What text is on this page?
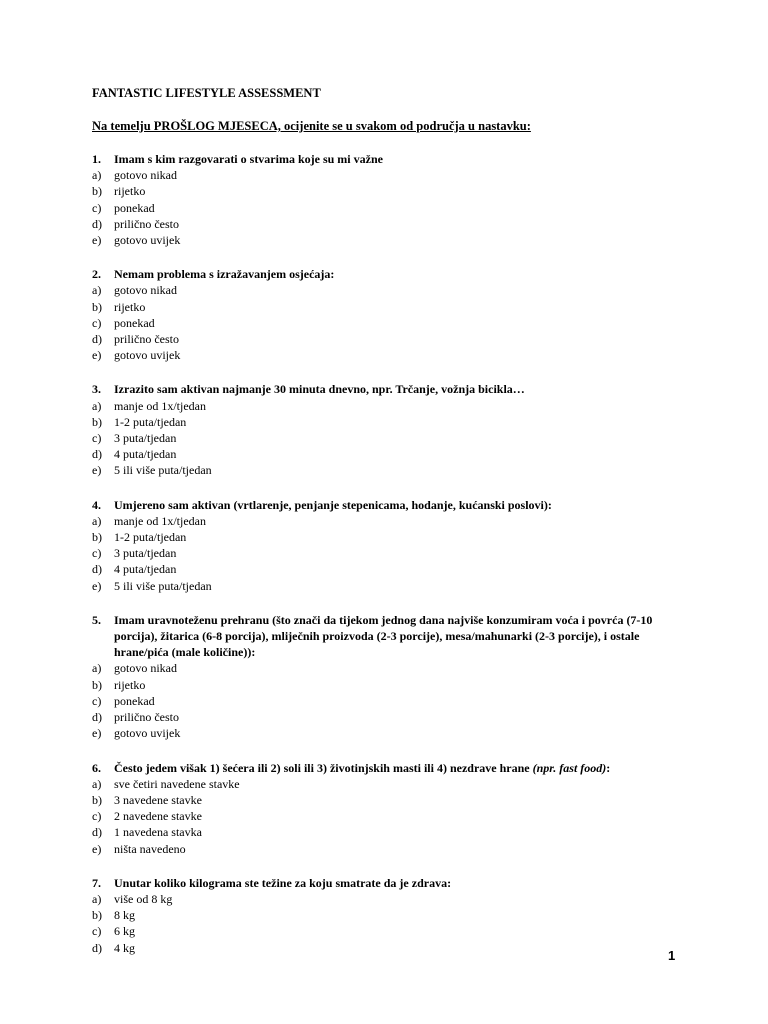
FANTASTIC LIFESTYLE ASSESSMENT
Na temelju PROŠLOG MJESECA, ocijenite se u svakom od područja u nastavku:
1.	Imam s kim razgovarati o stvarima koje su mi važne
a)	gotovo nikad
b)	rijetko
c)	ponekad
d)	prilično često
e)	gotovo uvijek
2.	Nemam problema s izražavanjem osjećaja:
a)	gotovo nikad
b)	rijetko
c)	ponekad
d)	prilično često
e)	gotovo uvijek
3.	Izrazito sam aktivan najmanje 30 minuta dnevno, npr. Trčanje, vožnja bicikla…
a)	manje od 1x/tjedan
b)	1-2 puta/tjedan
c)	3 puta/tjedan
d)	4 puta/tjedan
e)	5 ili više puta/tjedan
4.	Umjereno sam aktivan (vrtlarenje, penjanje stepenicama, hodanje, kućanski poslovi):
a)	manje od 1x/tjedan
b)	1-2 puta/tjedan
c)	3 puta/tjedan
d)	4 puta/tjedan
e)	5 ili više puta/tjedan
5.	Imam uravnoteženu prehranu (što znači da tijekom jednog dana najviše konzumiram voća i povrća (7-10 porcija), žitarica (6-8 porcija), mliječnih proizvoda (2-3 porcije), mesa/mahunarki (2-3 porcije), i ostale hrane/pića (male količine)):
a)	gotovo nikad
b)	rijetko
c)	ponekad
d)	prilično često
e)	gotovo uvijek
6.	Često jedem višak 1) šećera ili 2) soli ili 3) životinjskih masti ili 4) nezdrave hrane (npr. fast food):
a)	sve četiri navedene stavke
b)	3 navedene stavke
c)	2 navedene stavke
d)	1 navedena stavka
e)	ništa navedeno
7.	Unutar koliko kilograma ste težine za koju smatrate da je zdrava:
a)	više od 8 kg
b)	8 kg
c)	6 kg
d)	4 kg
1
